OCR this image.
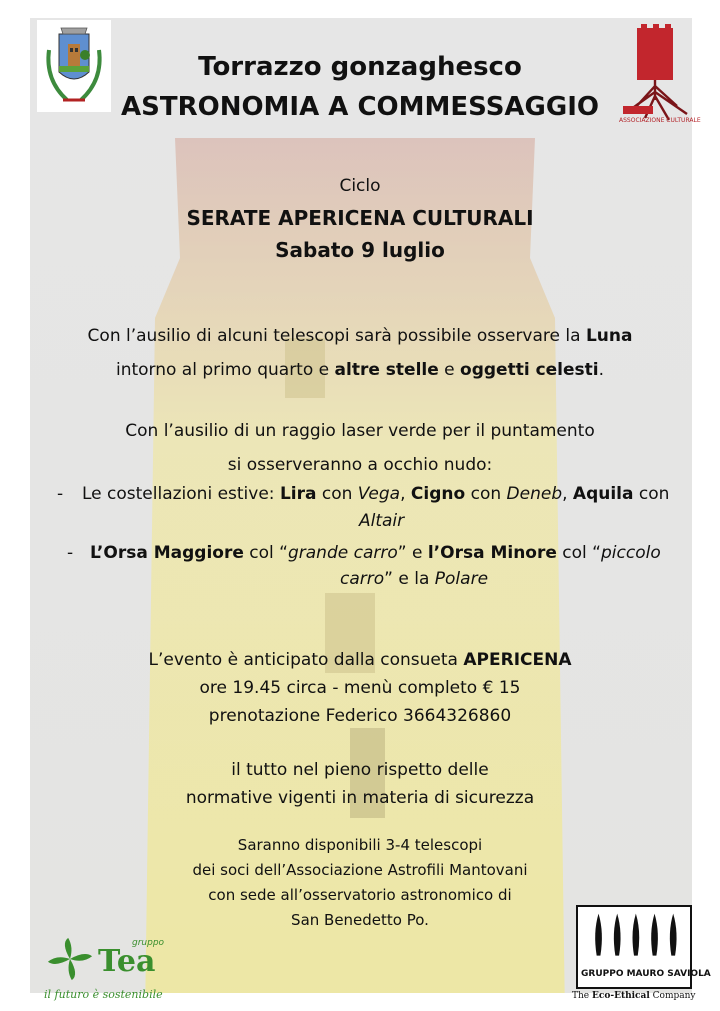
ASSOCIAZIONE CULTURALE
Torrazzo gonzaghesco
ASTRONOMIA A COMMESSAGGIO
Ciclo
SERATE APERICENA CULTURALI
Sabato 9 luglio
Con l’ausilio di alcuni telescopi sarà possibile osservare la Luna
intorno al primo quarto e altre stelle e oggetti celesti.
Con l’ausilio di un raggio laser verde per il puntamento
si osserveranno a occhio nudo:
- Le costellazioni estive: Lira con Vega, Cigno con Deneb, Aquila con
Altair
- L’Orsa Maggiore col “grande carro” e l’Orsa Minore col “piccolo
carro” e la Polare
L’evento è anticipato dalla consueta APERICENA
ore 19.45 circa - menù completo € 15
prenotazione Federico 3664326860
il tutto nel pieno rispetto delle
normative vigenti in materia di sicurezza
Saranno disponibili 3-4 telescopi
dei soci dell’Associazione Astrofili Mantovani
con sede all’osservatorio astronomico di
San Benedetto Po.
gruppo
Tea
il futuro è sostenibile
GRUPPO MAURO SAVIOLA
The Eco-Ethical Company
